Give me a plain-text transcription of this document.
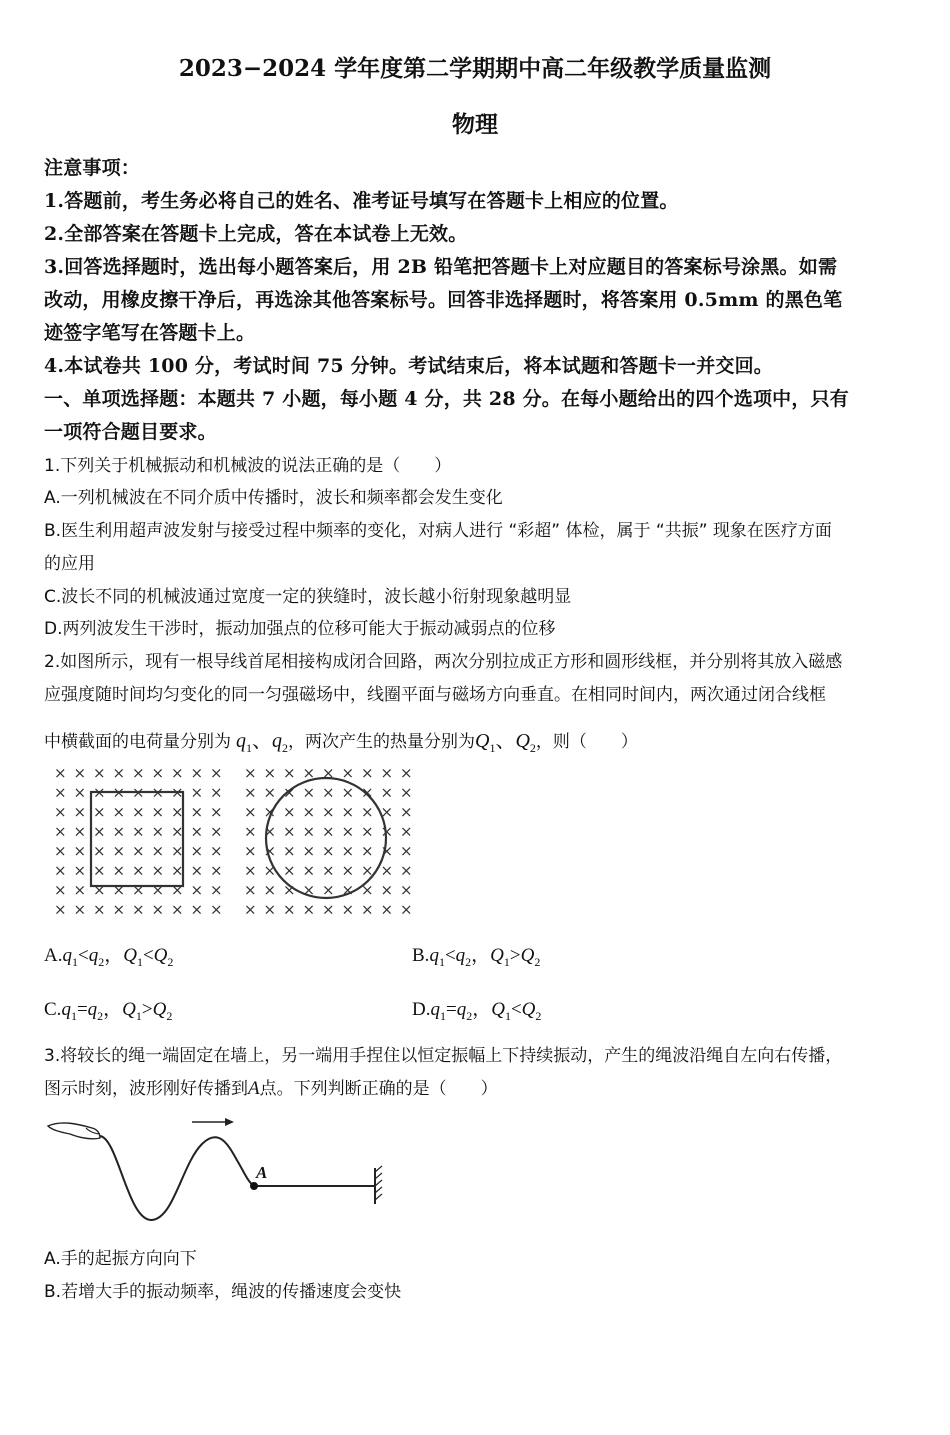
2023−2024 学年度第二学期期中高二年级教学质量监测
物理
注意事项：
1.答题前，考生务必将自己的姓名、准考证号填写在答题卡上相应的位置。
2.全部答案在答题卡上完成，答在本试卷上无效。
3.回答选择题时，选出每小题答案后，用 2B 铅笔把答题卡上对应题目的答案标号涂黑。如需
改动，用橡皮擦干净后，再选涂其他答案标号。回答非选择题时，将答案用 0.5mm 的黑色笔
迹签字笔写在答题卡上。
4.本试卷共 100 分，考试时间 75 分钟。考试结束后，将本试题和答题卡一并交回。
一、单项选择题：本题共 7 小题，每小题 4 分，共 28 分。在每小题给出的四个选项中，只有
一项符合题目要求。
1.下列关于机械振动和机械波的说法正确的是（　　）
A.一列机械波在不同介质中传播时，波长和频率都会发生变化
B.医生利用超声波发射与接受过程中频率的变化，对病人进行 “彩超” 体检，属于 “共振” 现象在医疗方面
的应用
C.波长不同的机械波通过宽度一定的狭缝时，波长越小衍射现象越明显
D.两列波发生干涉时，振动加强点的位移可能大于振动减弱点的位移
2.如图所示，现有一根导线首尾相接构成闭合回路，两次分别拉成正方形和圆形线框，并分别将其放入磁感
应强度随时间均匀变化的同一匀强磁场中，线圈平面与磁场方向垂直。在相同时间内，两次通过闭合线框
中横截面的电荷量分别为 $q_1$、$q_2$，两次产生的热量分别为$Q_1$、$Q_2$，则（　　）
× × × × × × × × ×
× × × × × × × × ×
× × × × × × × × ×
× × × × × × × × ×
× × × × × × × × ×
× × × × × × × × ×
× × × × × × × × ×
× × × × × × × × ×
× × × × × × × × ×
× × × × × × × × ×
× × × × × × × × ×
× × × × × × × × ×
× × × × × × × × ×
× × × × × × × × ×
× × × × × × × × ×
× × × × × × × × ×
$A.q_1<q_2$，$Q_1<Q_2$	$B.q_1<q_2$，$Q_1>Q_2$
$C.q_1=q_2$，$Q_1>Q_2$	$D.q_1=q_2$，$Q_1<Q_2$
3.将较长的绳一端固定在墙上，另一端用手捏住以恒定振幅上下持续振动，产生的绳波沿绳自左向右传播，
图示时刻，波形刚好传播到A点。下列判断正确的是（　　）
A
A.手的起振方向向下
B.若增大手的振动频率，绳波的传播速度会变快
